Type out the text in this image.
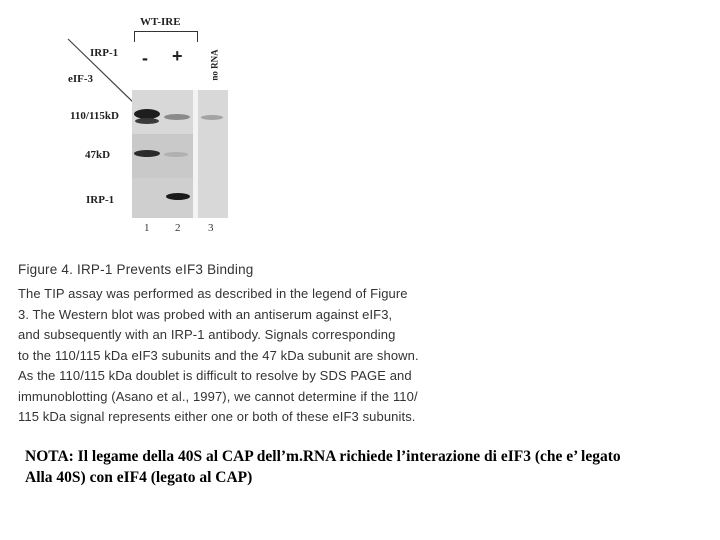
WT-IRE
IRP-1
eIF-3
- +	no RNA
110/115kD
47kD
IRP-1
1 2	3
Figure 4. IRP-1 Prevents eIF3 Binding
The TIP assay was performed as described in the legend of Figure
3. The Western blot was probed with an antiserum against eIF3,
and subsequently with an IRP-1 antibody. Signals corresponding
to the 110/115 kDa eIF3 subunits and the 47 kDa subunit are shown.
As the 110/115 kDa doublet is difficult to resolve by SDS PAGE and
immunoblotting (Asano et al., 1997), we cannot determine if the 110/
115 kDa signal represents either one or both of these eIF3 subunits.
NOTA: Il legame della 40S al CAP dell’m.RNA richiede l’interazione di eIF3 (che e’ legato
Alla 40S) con eIF4 (legato al CAP)
